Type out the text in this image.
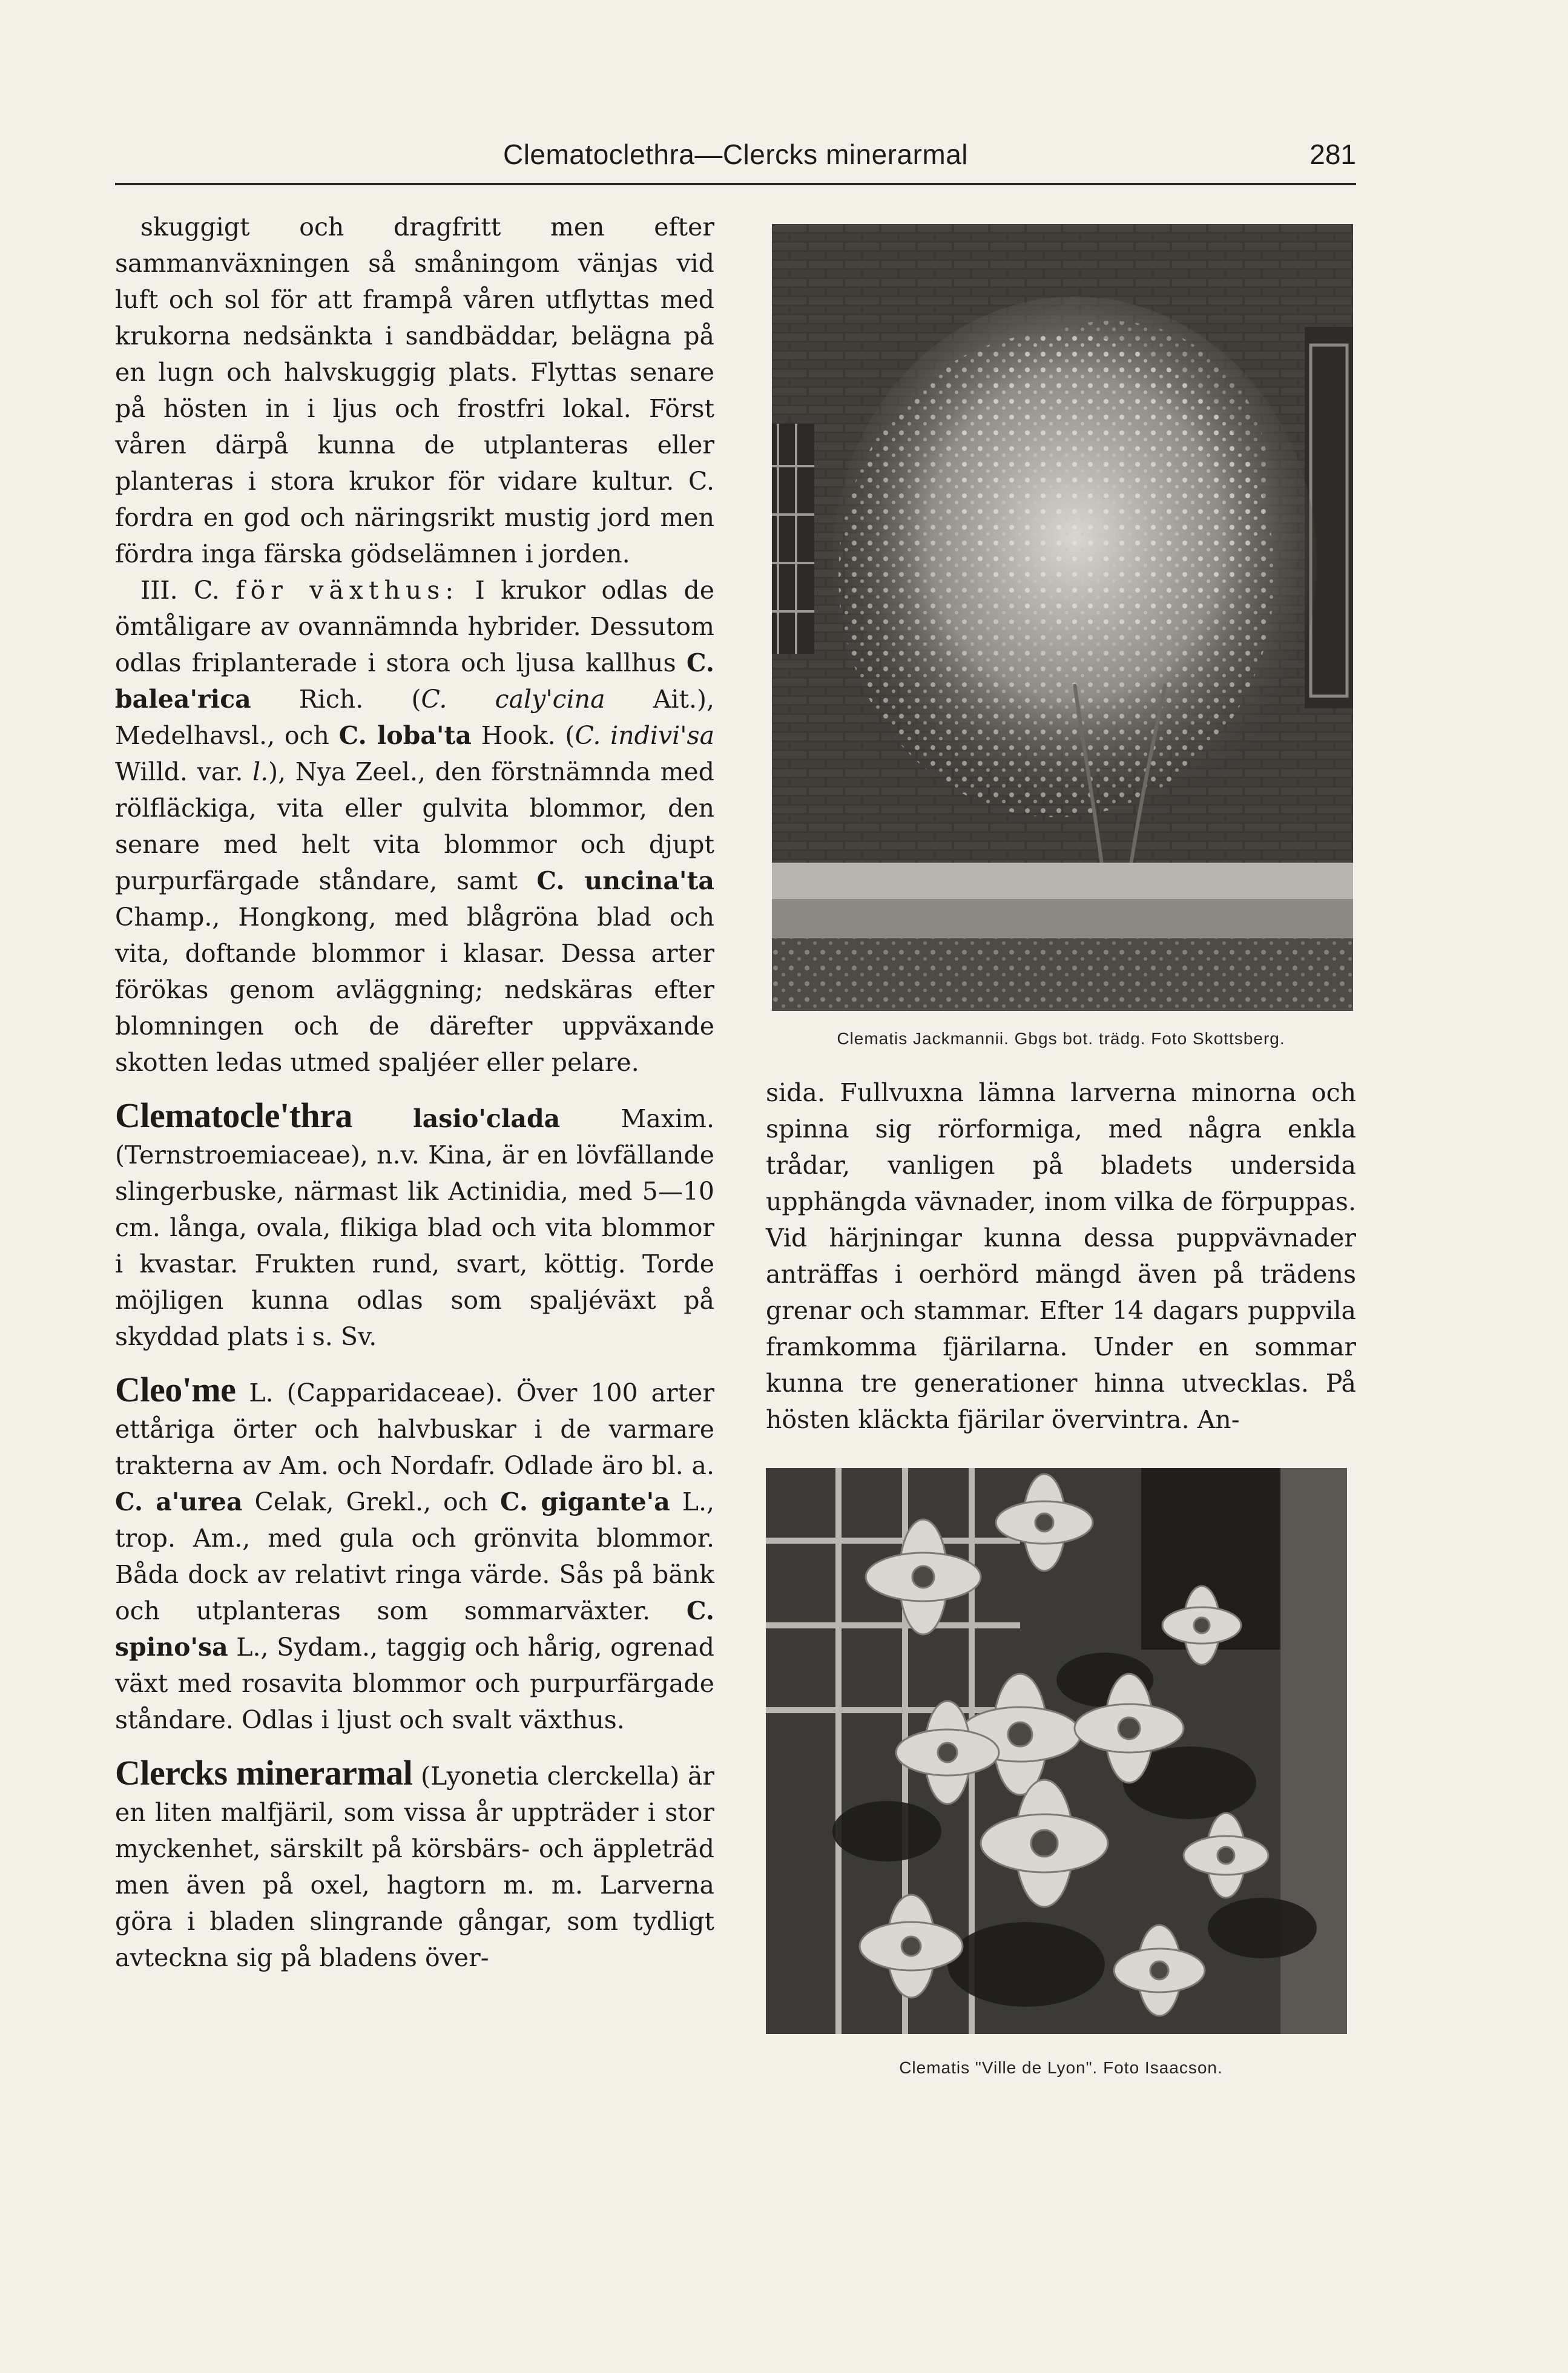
Clematoclethra—Clercks minerarmal	281

skuggigt och dragfritt men efter sammanväxningen så småningom vänjas vid luft och sol för att frampå våren utflyttas med krukorna nedsänkta i sandbäddar, belägna på en lugn och halvskuggig plats. Flyttas senare på hösten in i ljus och frostfri lokal. Först våren därpå kunna de utplanteras eller planteras i stora krukor för vidare kultur. C. fordra en god och näringsrikt mustig jord men fördra inga färska gödselämnen i jorden.

III. C. för växthus: I krukor odlas de ömtåligare av ovannämnda hybrider. Dessutom odlas friplanterade i stora och ljusa kallhus C. balea'rica Rich. (C. caly'cina Ait.), Medelhavsl., och C. loba'ta Hook. (C. indivi'sa Willd. var. l.), Nya Zeel., den förstnämnda med rölfläckiga, vita eller gulvita blommor, den senare med helt vita blommor och djupt purpurfärgade ståndare, samt C. uncina'ta Champ., Hongkong, med blågröna blad och vita, doftande blommor i klasar. Dessa arter förökas genom avläggning; nedskäras efter blomningen och de därefter uppväxande skotten ledas utmed spaljéer eller pelare.

Clematocle'thra lasio'clada Maxim. (Ternstroemiaceae), n.v. Kina, är en lövfällande slingerbuske, närmast lik Actinidia, med 5—10 cm. långa, ovala, flikiga blad och vita blommor i kvastar. Frukten rund, svart, köttig. Torde möjligen kunna odlas som spaljéväxt på skyddad plats i s. Sv.

Cleo'me L. (Capparidaceae). Över 100 arter ettåriga örter och halvbuskar i de varmare trakterna av Am. och Nordafr. Odlade äro bl. a. C. a'urea Celak, Grekl., och C. gigante'a L., trop. Am., med gula och grönvita blommor. Båda dock av relativt ringa värde. Sås på bänk och utplanteras som sommarväxter. C. spino'sa L., Sydam., taggig och hårig, ogrenad växt med rosavita blommor och purpurfärgade ståndare. Odlas i ljust och svalt växthus.

Clercks minerarmal (Lyonetia clerckella) är en liten malfjäril, som vissa år uppträder i stor myckenhet, särskilt på körsbärs- och äppleträd men även på oxel, hagtorn m. m. Larverna göra i bladen slingrande gångar, som tydligt avteckna sig på bladens över-

Clematis Jackmannii. Gbgs bot. trädg. Foto Skottsberg.

sida. Fullvuxna lämna larverna minorna och spinna sig rörformiga, med några enkla trådar, vanligen på bladets undersida upphängda vävnader, inom vilka de förpuppas. Vid härjningar kunna dessa puppvävnader anträffas i oerhörd mängd även på trädens grenar och stammar. Efter 14 dagars puppvila framkomma fjärilarna. Under en sommar kunna tre generationer hinna utvecklas. På hösten kläckta fjärilar övervintra. An-

Clematis "Ville de Lyon". Foto Isaacson.
